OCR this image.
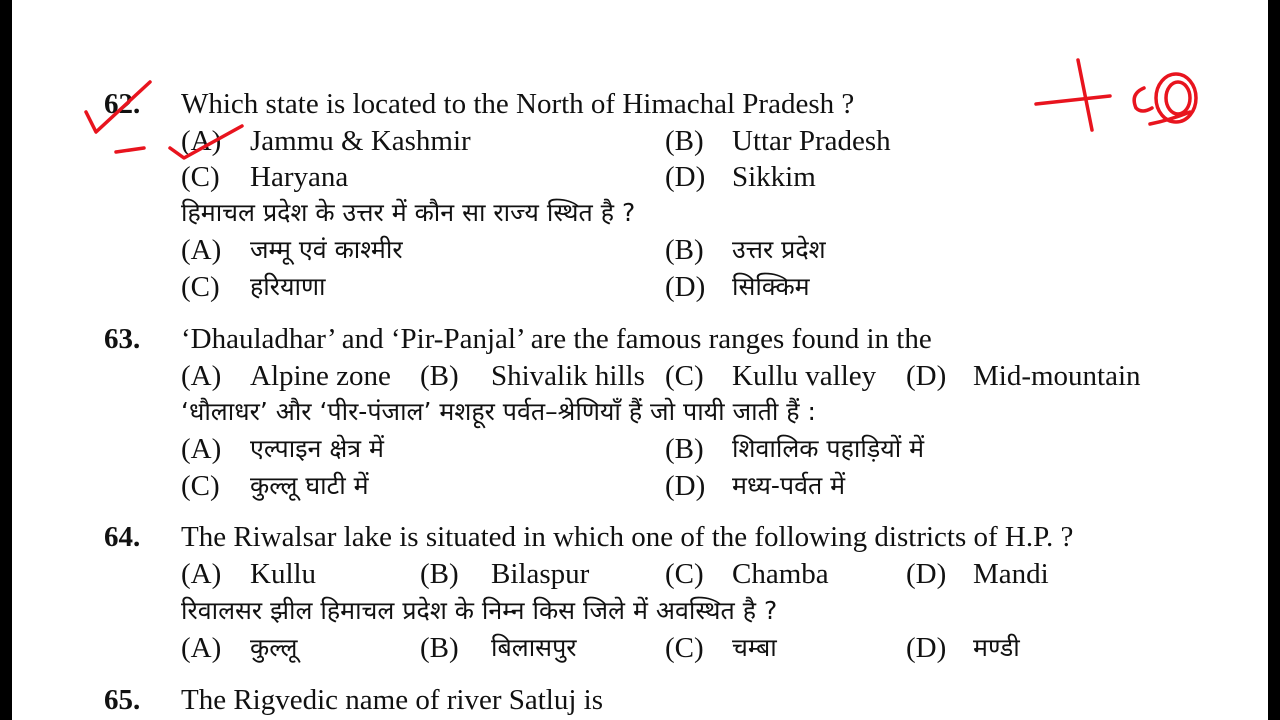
62. Which state is located to the North of Himachal Pradesh ?
(A) Jammu & Kashmir	(B) Uttar Pradesh
(C) Haryana	(D) Sikkim
हिमाचल प्रदेश के उत्तर में कौन सा राज्य स्थित है ?
(A) जम्मू एवं काश्मीर	(B) उत्तर प्रदेश
(C) हरियाणा	(D) सिक्किम
63. ‘Dhauladhar’ and ‘Pir-Panjal’ are the famous ranges found in the
(A) Alpine zone (B) Shivalik hills (C) Kullu valley (D) Mid-mountain
‘धौलाधर’ और ‘पीर-पंजाल’ मशहूर पर्वत–श्रेणियाँ हैं जो पायी जाती हैं :
(A) एल्पाइन क्षेत्र में	(B) शिवालिक पहाड़ियों में
(C) कुल्लू घाटी में	(D) मध्य-पर्वत में
64. The Riwalsar lake is situated in which one of the following districts of H.P. ?
(A) Kullu	(B) Bilaspur	(C) Chamba	(D) Mandi
रिवालसर झील हिमाचल प्रदेश के निम्न किस जिले में अवस्थित है ?
(A) कुल्लू	(B) बिलासपुर	(C) चम्बा	(D) मण्डी
65. The Rigvedic name of river Satluj is
